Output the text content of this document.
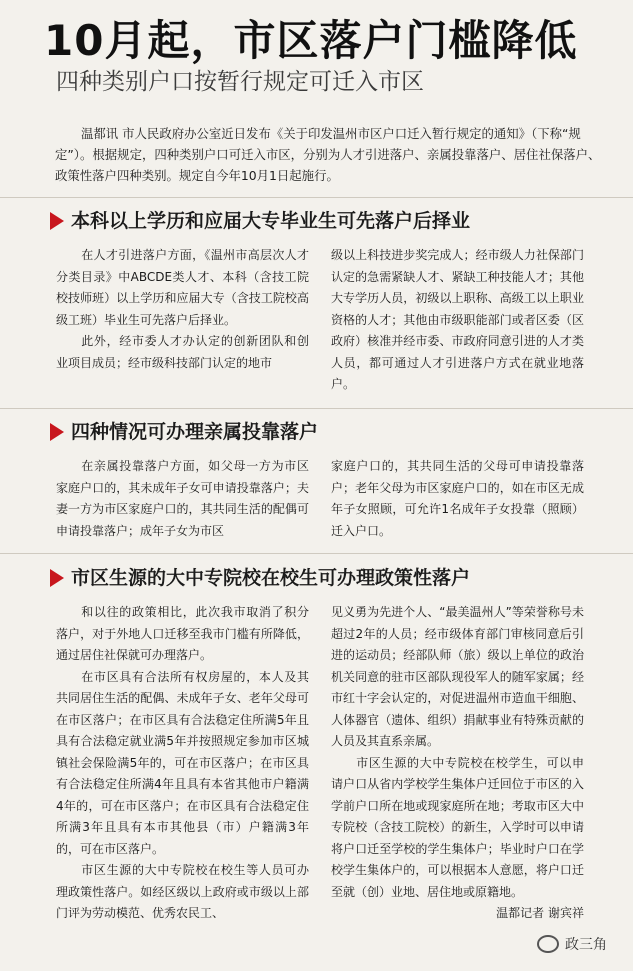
10月起，市区落户门槛降低
四种类别户口按暂行规定可迁入市区
温都讯 市人民政府办公室近日发布《关于印发温州市区户口迁入暂行规定的通知》（下称“规定”）。根据规定，四种类别户口可迁入市区，分别为人才引进落户、亲属投靠落户、居住社保落户、政策性落户四种类别。规定自今年10月1日起施行。
本科以上学历和应届大专毕业生可先落户后择业

在人才引进落户方面，《温州市高层次人才分类目录》中ABCDE类人才、本科（含技工院校技师班）以上学历和应届大专（含技工院校高级工班）毕业生可先落户后择业。

此外，经市委人才办认定的创新团队和创业项目成员；经市级科技部门认定的地市

级以上科技进步奖完成人；经市级人力社保部门认定的急需紧缺人才、紧缺工种技能人才；其他大专学历人员，初级以上职称、高级工以上职业资格的人才；其他由市级职能部门或者区委（区政府）核准并经市委、市政府同意引进的人才类人员，都可通过人才引进落户方式在就业地落户。

四种情况可办理亲属投靠落户

在亲属投靠落户方面，如父母一方为市区家庭户口的，其未成年子女可申请投靠落户；夫妻一方为市区家庭户口的，其共同生活的配偶可申请投靠落户；成年子女为市区

家庭户口的，其共同生活的父母可申请投靠落户；老年父母为市区家庭户口的，如在市区无成年子女照顾，可允许1名成年子女投靠（照顾）迁入户口。

市区生源的大中专院校在校生可办理政策性落户

和以往的政策相比，此次我市取消了积分落户，对于外地人口迁移至我市门槛有所降低，通过居住社保就可办理落户。

在市区具有合法所有权房屋的，本人及其共同居住生活的配偶、未成年子女、老年父母可在市区落户；在市区具有合法稳定住所满5年且具有合法稳定就业满5年并按照规定参加市区城镇社会保险满5年的，可在市区落户；在市区具有合法稳定住所满4年且具有本省其他市户籍满4年的，可在市区落户；在市区具有合法稳定住所满3年且具有本市其他县（市）户籍满3年的，可在市区落户。

市区生源的大中专院校在校生等人员可办理政策性落户。如经区级以上政府或市级以上部门评为劳动模范、优秀农民工、

见义勇为先进个人、“最美温州人”等荣誉称号未超过2年的人员；经市级体育部门审核同意后引进的运动员；经部队师（旅）级以上单位的政治机关同意的驻市区部队现役军人的随军家属；经市红十字会认定的，对促进温州市造血干细胞、人体器官（遗体、组织）捐献事业有特殊贡献的人员及其直系亲属。

市区生源的大中专院校在校学生，可以申请户口从省内学校学生集体户迁回位于市区的入学前户口所在地或现家庭所在地；考取市区大中专院校（含技工院校）的新生，入学时可以申请将户口迁至学校的学生集体户；毕业时户口在学校学生集体户的，可以根据本人意愿，将户口迁至就（创）业地、居住地或原籍地。

温都记者 谢宾祥

政三角
